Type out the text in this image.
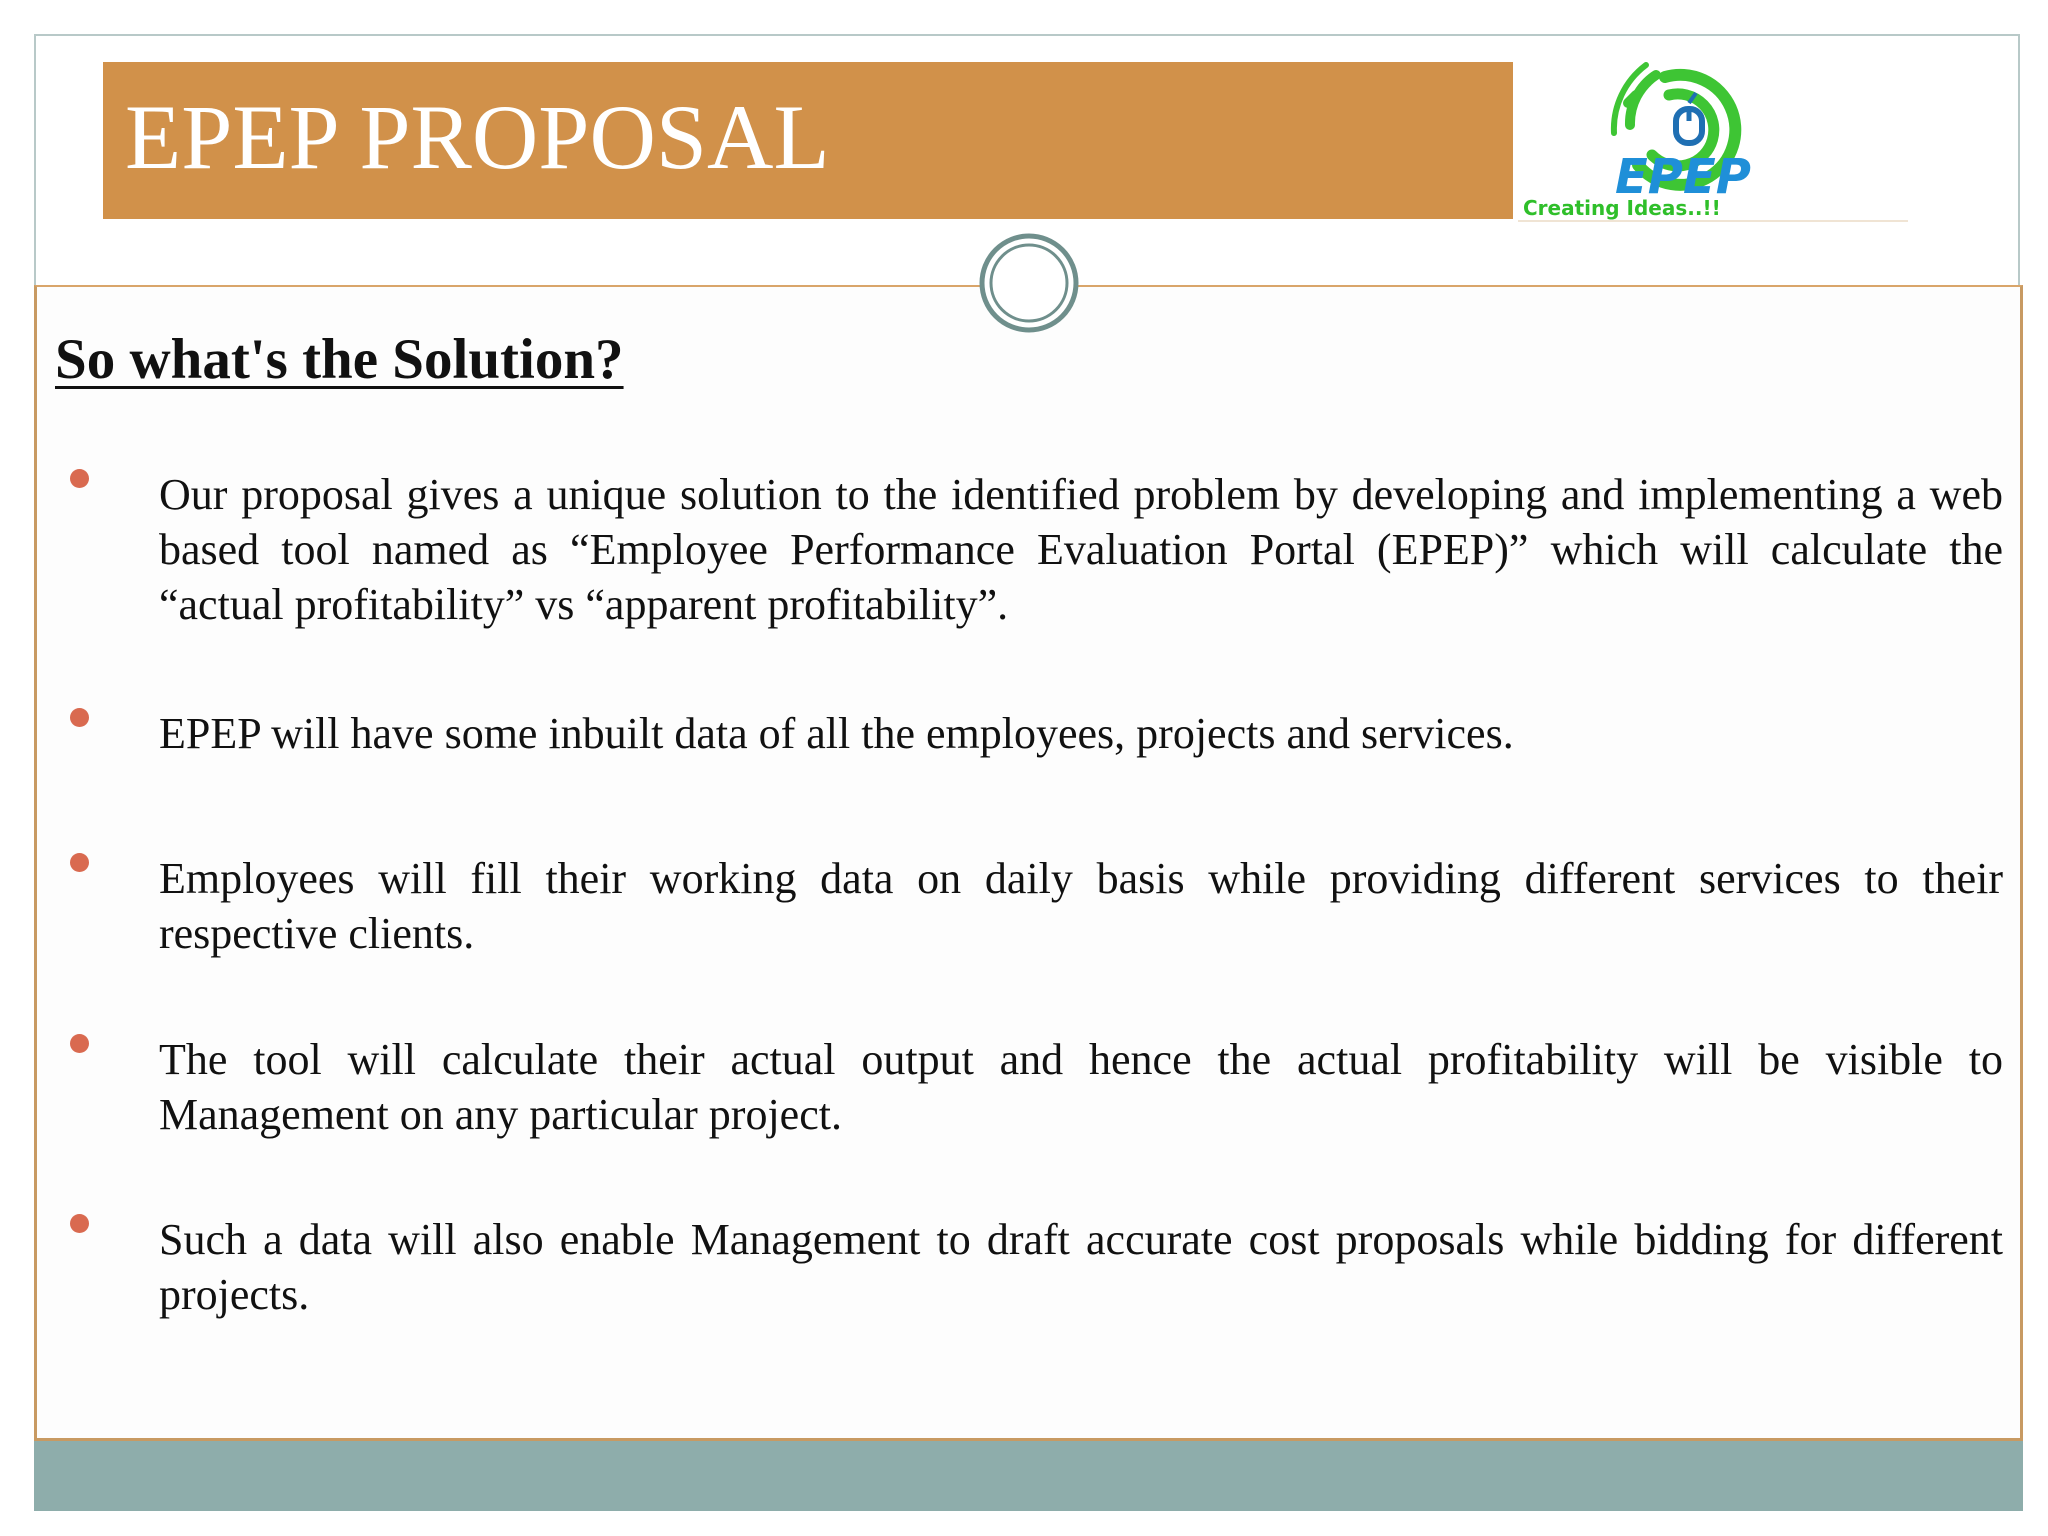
EPEP PROPOSAL	EPEP
Creating Ideas..!!
So what's the Solution?
Our proposal gives a unique solution to the identified problem by developing and implementing a web based tool named as “Employee Performance Evaluation Portal (EPEP)” which will calculate the “actual profitability” vs “apparent profitability”.
EPEP will have some inbuilt data of all the employees, projects and services.
Employees will fill their working data on daily basis while providing different services to their respective clients.
The tool will calculate their actual output and hence the actual profitability will be visible to Management on any particular project.
Such a data will also enable Management to draft accurate cost proposals while bidding for different projects.
